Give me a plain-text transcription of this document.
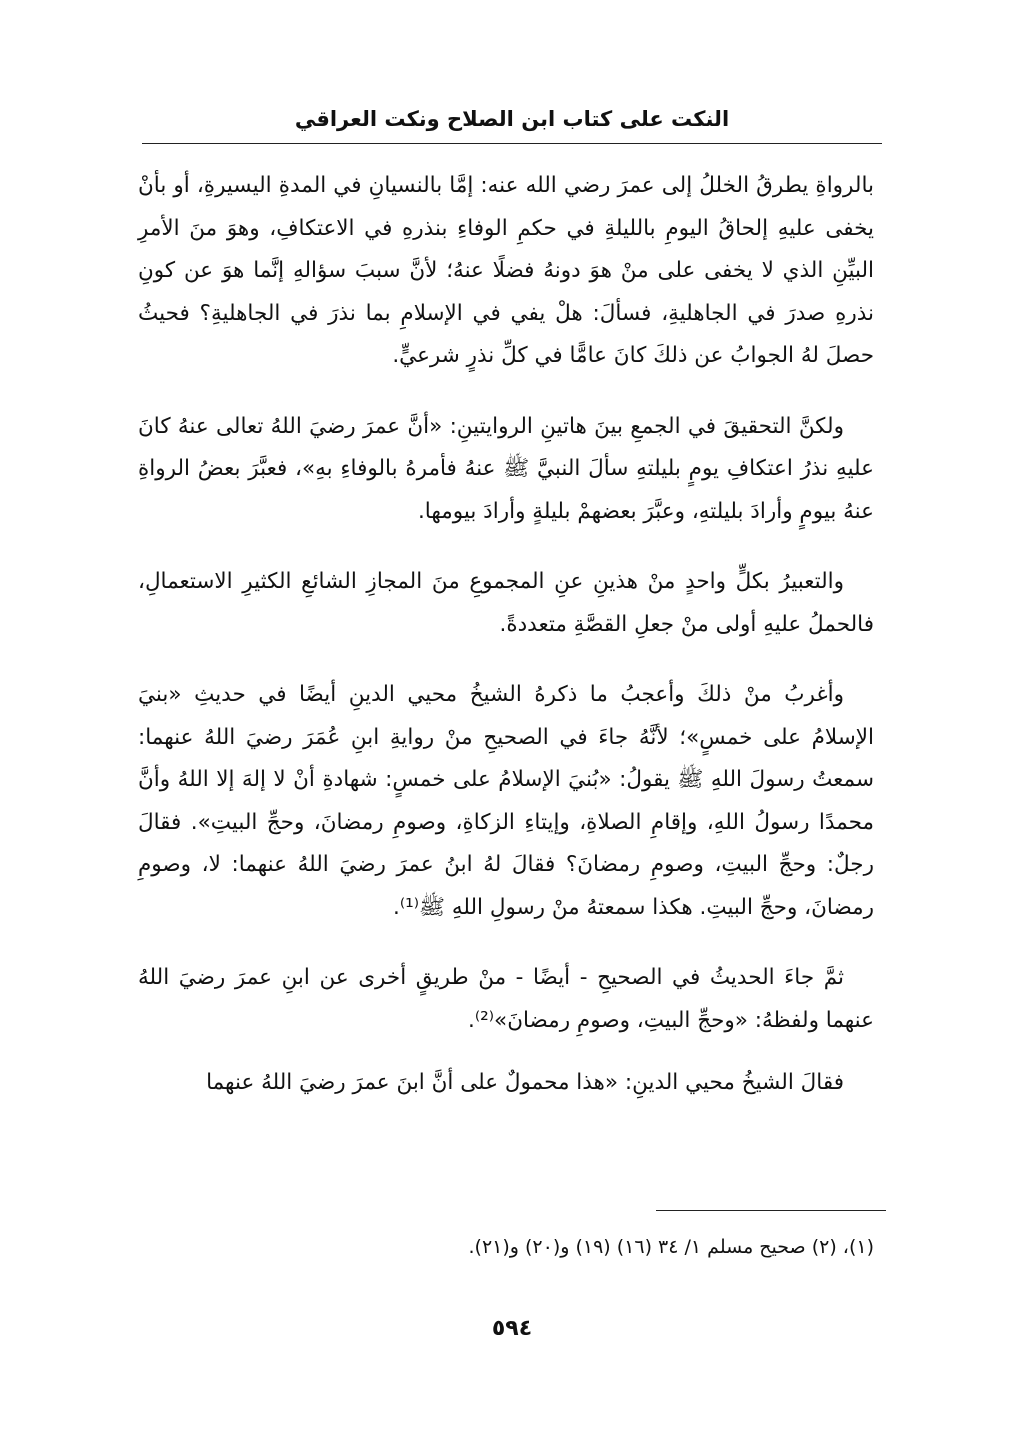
النكت على كتاب ابن الصلاح ونكت العراقي

بالرواةِ يطرقُ الخللُ إلى عمرَ رضي الله عنه: إمَّا بالنسيانِ في المدةِ اليسيرةِ، أو بأنْ يخفى عليهِ إلحاقُ اليومِ بالليلةِ في حكمِ الوفاءِ بنذرهِ في الاعتكافِ، وهوَ منَ الأمرِ البيِّنِ الذي لا يخفى على منْ هوَ دونهُ فضلًا عنهُ؛ لأنَّ سببَ سؤالهِ إنَّما هوَ عن كونِ نذرهِ صدرَ في الجاهليةِ، فسألَ: هلْ يفي في الإسلامِ بما نذرَ في الجاهليةِ؟ فحيثُ حصلَ لهُ الجوابُ عن ذلكَ كانَ عامًّا في كلِّ نذرٍ شرعيٍّ.

ولكنَّ التحقيقَ في الجمعِ بينَ هاتينِ الروايتينِ: «أنَّ عمرَ رضيَ اللهُ تعالى عنهُ كانَ عليهِ نذرُ اعتكافِ يومٍ بليلتهِ سألَ النبيَّ ﷺ عنهُ فأمرهُ بالوفاءِ بهِ»، فعبَّرَ بعضُ الرواةِ عنهُ بيومٍ وأرادَ بليلتهِ، وعبَّرَ بعضهمْ بليلةٍ وأرادَ بيومها.

والتعبيرُ بكلٍّ واحدٍ منْ هذينِ عنِ المجموعِ منَ المجازِ الشائعِ الكثيرِ الاستعمالِ، فالحملُ عليهِ أولى منْ جعلِ القصَّةِ متعددةً.

وأغربُ منْ ذلكَ وأعجبُ ما ذكرهُ الشيخُ محيي الدينِ أيضًا في حديثِ «بنيَ الإسلامُ على خمسٍ»؛ لأنَّهُ جاءَ في الصحيحِ منْ روايةِ ابنِ عُمَرَ رضيَ اللهُ عنهما: سمعتُ رسولَ اللهِ ﷺ يقولُ: «بُنيَ الإسلامُ على خمسٍ: شهادةِ أنْ لا إلهَ إلا اللهُ وأنَّ محمدًا رسولُ اللهِ، وإقامِ الصلاةِ، وإيتاءِ الزكاةِ، وصومِ رمضانَ، وحجِّ البيتِ». فقالَ رجلٌ: وحجِّ البيتِ، وصومِ رمضانَ؟ فقالَ لهُ ابنُ عمرَ رضيَ اللهُ عنهما: لا، وصومِ رمضانَ، وحجِّ البيتِ. هكذا سمعتهُ منْ رسولِ اللهِ ﷺ⁽¹⁾.

ثمَّ جاءَ الحديثُ في الصحيحِ - أيضًا - منْ طريقٍ أخرى عن ابنِ عمرَ رضيَ اللهُ عنهما ولفظهُ: «وحجِّ البيتِ، وصومِ رمضانَ»⁽²⁾.

فقالَ الشيخُ محيي الدينِ: «هذا محمولٌ على أنَّ ابنَ عمرَ رضيَ اللهُ عنهما

(١)، (٢) صحيح مسلم ١/ ٣٤ (١٦) (١٩) و(٢٠) و(٢١).
٥٩٤
